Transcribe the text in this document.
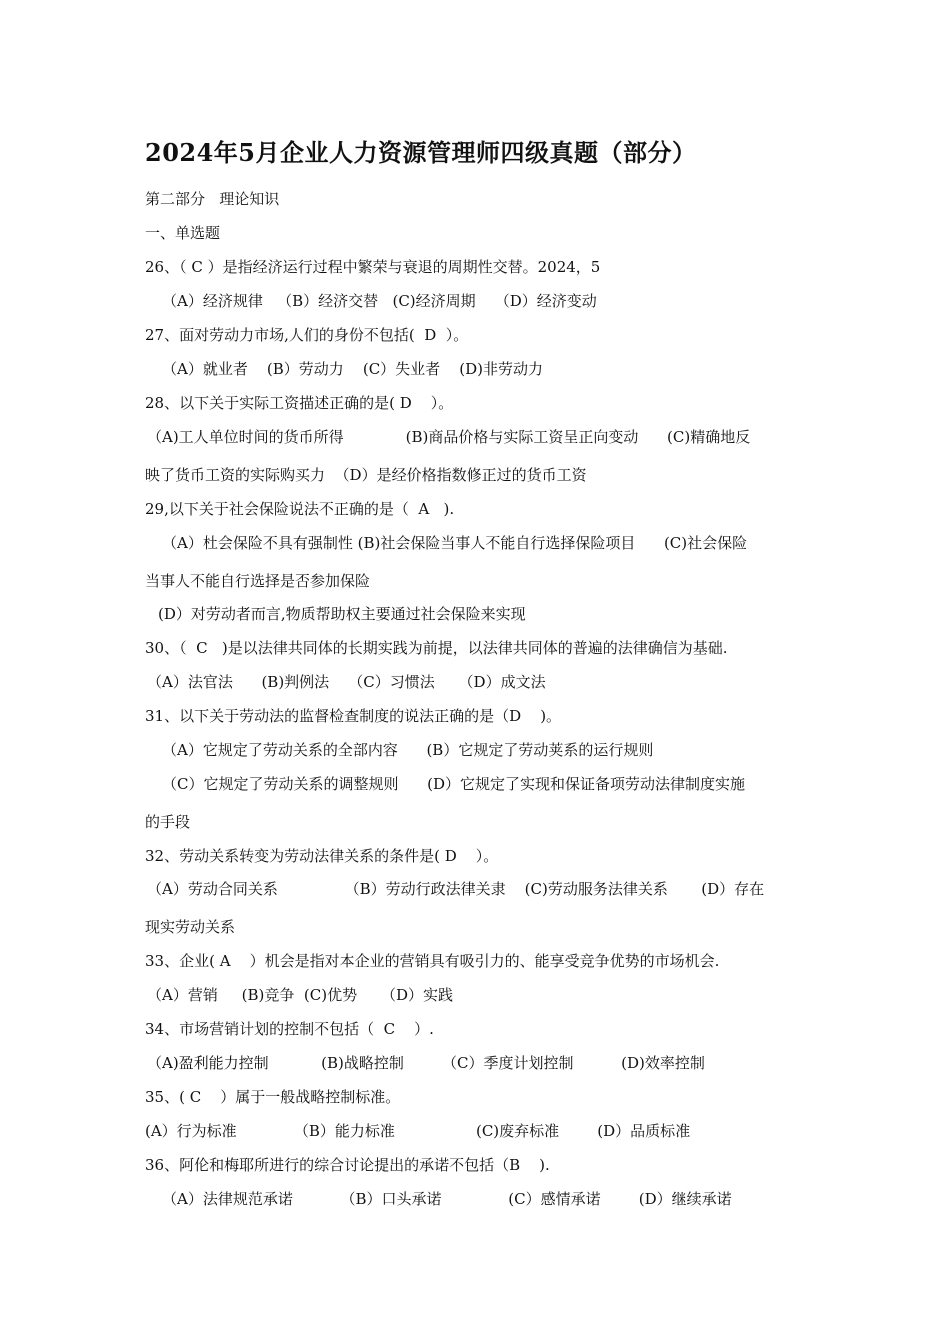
2024年5月企业人力资源管理师四级真题（部分）
第二部分   理论知识
一、单选题
26、（ C ）是指经济运行过程中繁荣与衰退的周期性交替。2024，5
（A）经济规律   （B）经济交替   (C)经济周期    （D）经济变动
27、面对劳动力市场,人们的身份不包括(  D  ）。
（A）就业者    (B）劳动力    (C）失业者    (D)非劳动力
28、以下关于实际工资描述正确的是( D    ）。
（A)工人单位时间的货币所得             (B)商品价格与实际工资呈正向变动      (C)精确地反
映了货币工资的实际购买力  （D）是经价格指数修正过的货币工资
29,以下关于社会保险说法不正确的是（  A   ).
（A）杜会保险不具有强制性 (B)社会保险当事人不能自行选择保险项目      (C)社会保险
当事人不能自行选择是否参加保险
(D）对劳动者而言,物质帮助权主要通过社会保险来实现
30、（  C   )是以法律共同体的长期实践为前提，以法律共同体的普遍的法律确信为基础.
（A）法官法      (B)判例法    （C）习惯法     （D）成文法
31、以下关于劳动法的监督检查制度的说法正确的是（D    )。
（A）它规定了劳动关系的全部内容      (B）它规定了劳动荚系的运行规则
（C）它规定了劳动关系的调整规则      (D）它规定了实现和保证备项劳动法律制度实施
的手段
32、劳动关系转变为劳动法律关系的条件是( D    ）。
（A）劳动合同关系              （B）劳动行政法律关隶    (C)劳动服务法律关系       (D）存在
现实劳动关系
33、企业( A    ）机会是指对本企业的营销具有吸引力的、能享受竞争优势的市场机会.
（A）营销     (B)竞争  (C)优势     （D）实践
34、市场营销计划的控制不包括（  C    ）.
（A)盈利能力控制           (B)战略控制        （C）季度计划控制          (D)效率控制
35、( C    ）属于一般战略控制标准。
(A）行为标准            （B）能力标准                 (C)废弃标准        (D）品质标准
36、阿伦和梅耶所进行的综合讨论提出的承诺不包括（B    ).
（A）法律规范承诺          （B）口头承诺              (C）感情承诺        (D）继续承诺
